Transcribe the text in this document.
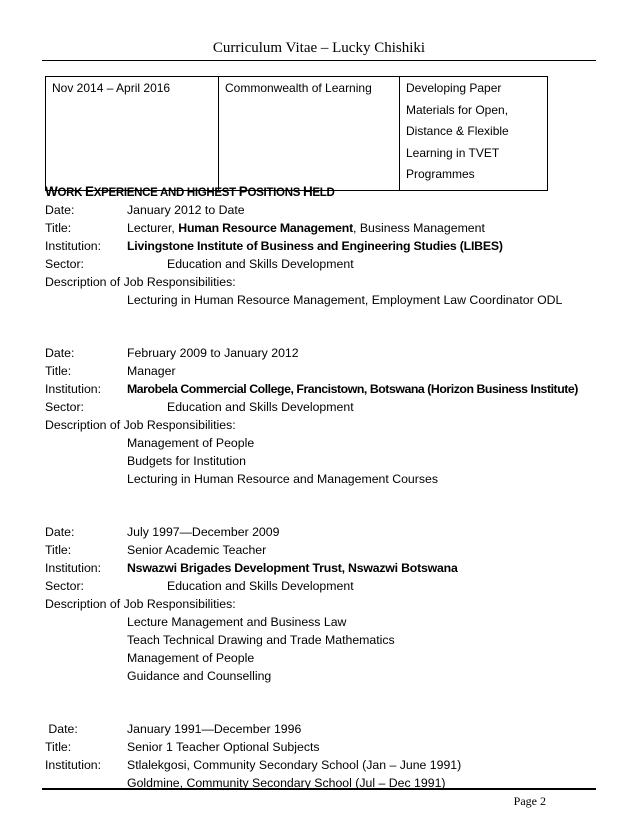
Curriculum Vitae – Lucky Chishiki
Nov 2014 – April 2016	Commonwealth of Learning	Developing Paper
Materials for Open,
Distance & Flexible
Learning in TVET
Programmes
WORK EXPERIENCE AND HIGHEST POSITIONS HELD
Date:	January 2012 to Date
Title:	Lecturer, Human Resource Management, Business Management
Institution: Livingstone Institute of Business and Engineering Studies (LIBES)
Sector:	Education and Skills Development
Description of Job Responsibilities:
Lecturing in Human Resource Management, Employment Law Coordinator ODL
Date:	February 2009 to January 2012
Title:	Manager
Institution: Marobela Commercial College, Francistown, Botswana (Horizon Business Institute)
Sector:	Education and Skills Development
Description of Job Responsibilities:
Management of People
Budgets for Institution
Lecturing in Human Resource and Management Courses
Date:	July 1997—December 2009
Title:	Senior Academic Teacher
Institution: Nswazwi Brigades Development Trust, Nswazwi Botswana
Sector:	Education and Skills Development
Description of Job Responsibilities:
Lecture Management and Business Law
Teach Technical Drawing and Trade Mathematics
Management of People
Guidance and Counselling
Date:	January 1991—December 1996
Title:	Senior 1 Teacher Optional Subjects
Institution: Stlalekgosi, Community Secondary School (Jan – June 1991)
Goldmine, Community Secondary School (Jul – Dec 1991)
Page 2
